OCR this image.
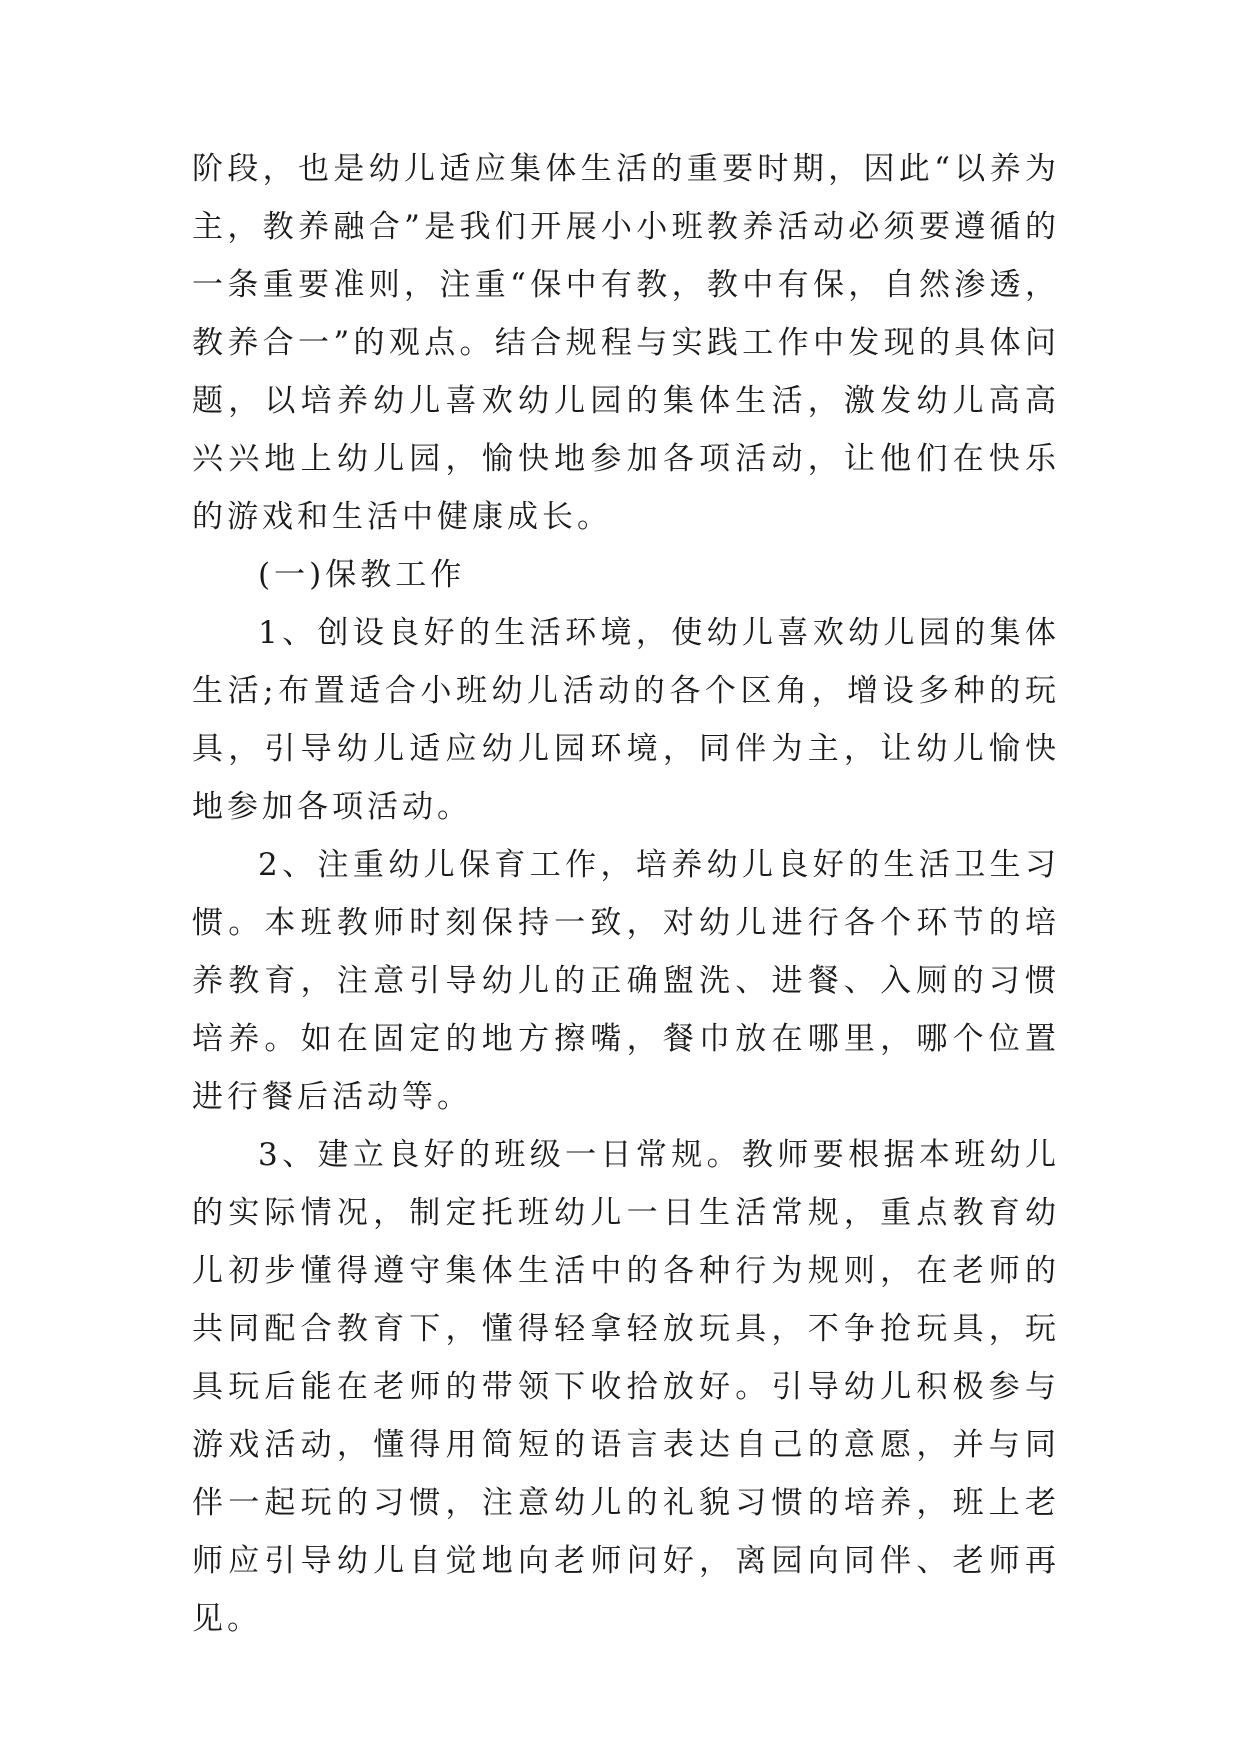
阶段，也是幼儿适应集体生活的重要时期，因此“以养为主，教养融合”是我们开展小小班教养活动必须要遵循的一条重要准则，注重“保中有教，教中有保，自然渗透，教养合一”的观点。结合规程与实践工作中发现的具体问题，以培养幼儿喜欢幼儿园的集体生活，激发幼儿高高兴兴地上幼儿园，愉快地参加各项活动，让他们在快乐的游戏和生活中健康成长。

(一)保教工作

1、创设良好的生活环境，使幼儿喜欢幼儿园的集体生活;布置适合小班幼儿活动的各个区角，增设多种的玩具，引导幼儿适应幼儿园环境，同伴为主，让幼儿愉快地参加各项活动。

2、注重幼儿保育工作，培养幼儿良好的生活卫生习惯。本班教师时刻保持一致，对幼儿进行各个环节的培养教育，注意引导幼儿的正确盥洗、进餐、入厕的习惯培养。如在固定的地方擦嘴，餐巾放在哪里，哪个位置进行餐后活动等。

3、建立良好的班级一日常规。教师要根据本班幼儿的实际情况，制定托班幼儿一日生活常规，重点教育幼儿初步懂得遵守集体生活中的各种行为规则，在老师的共同配合教育下，懂得轻拿轻放玩具，不争抢玩具，玩具玩后能在老师的带领下收拾放好。引导幼儿积极参与游戏活动，懂得用简短的语言表达自己的意愿，并与同伴一起玩的习惯，注意幼儿的礼貌习惯的培养，班上老师应引导幼儿自觉地向老师问好，离园向同伴、老师再见。
